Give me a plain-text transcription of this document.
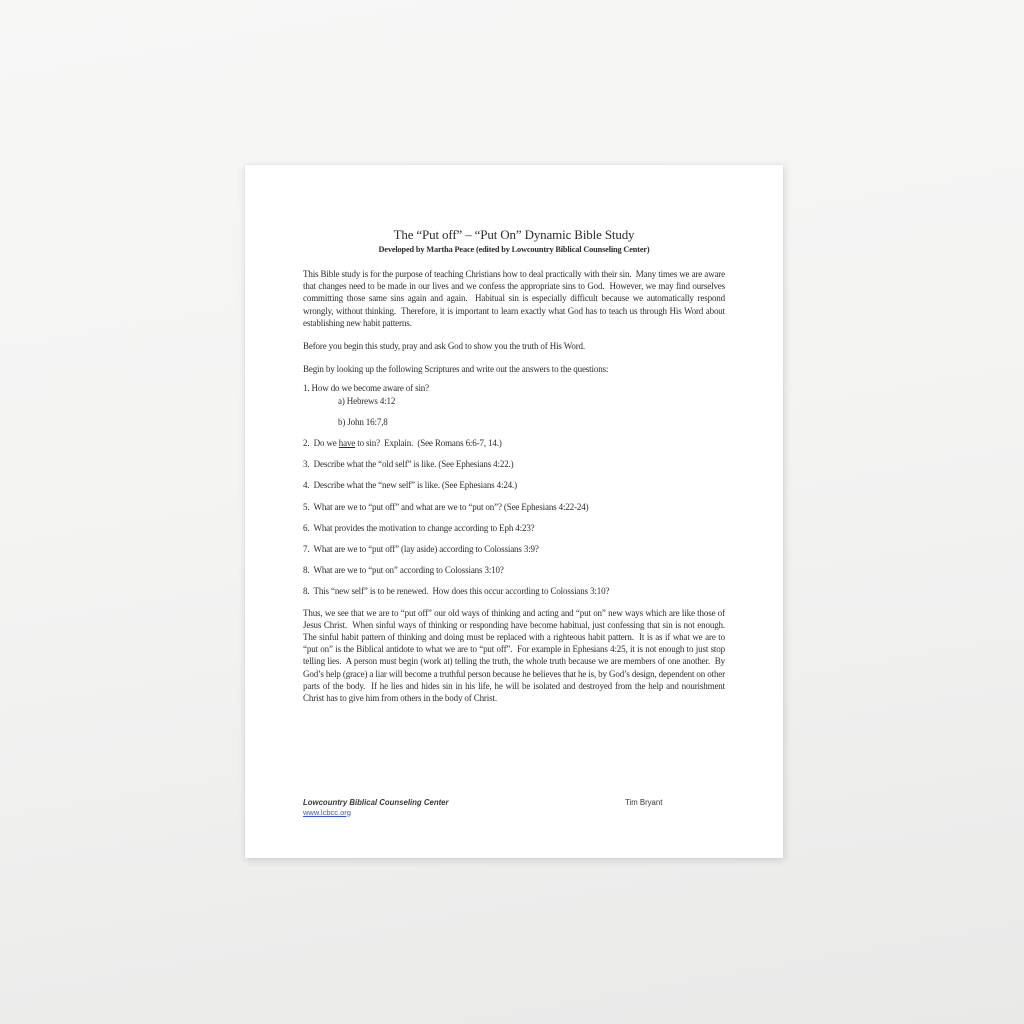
The “Put off” – “Put On” Dynamic Bible Study

Developed by Martha Peace (edited by Lowcountry Biblical Counseling Center)

This Bible study is for the purpose of teaching Christians how to deal practically with their sin.  Many times we are aware that changes need to be made in our lives and we confess the appropriate sins to God.  However, we may find ourselves committing those same sins again and again.  Habitual sin is especially difficult because we automatically respond wrongly, without thinking.  Therefore, it is important to learn exactly what God has to teach us through His Word about establishing new habit patterns.

Before you begin this study, pray and ask God to show you the truth of His Word.

Begin by looking up the following Scriptures and write out the answers to the questions:

1. How do we become aware of sin?

a) Hebrews 4:12

b) John 16:7,8

2.  Do we have to sin?  Explain.  (See Romans 6:6-7, 14.)

3.  Describe what the “old self” is like. (See Ephesians 4:22.)

4.  Describe what the “new self” is like. (See Ephesians 4:24.)

5.  What are we to “put off” and what are we to “put on”? (See Ephesians 4:22-24)

6.  What provides the motivation to change according to Eph 4:23?

7.  What are we to “put off” (lay aside) according to Colossians 3:9?

8.  What are we to “put on” according to Colossians 3:10?

8.  This “new self” is to be renewed.  How does this occur according to Colossians 3:10?

Thus, we see that we are to “put off” our old ways of thinking and acting and “put on” new ways which are like those of Jesus Christ.  When sinful ways of thinking or responding have become habitual, just confessing that sin is not enough.  The sinful habit pattern of thinking and doing must be replaced with a righteous habit pattern.  It is as if what we are to “put on” is the Biblical antidote to what we are to “put off”.  For example in Ephesians 4:25, it is not enough to just stop telling lies.  A person must begin (work at) telling the truth, the whole truth because we are members of one another.  By God’s help (grace) a liar will become a truthful person because he believes that he is, by God’s design, dependent on other parts of the body.  If he lies and hides sin in his life, he will be isolated and destroyed from the help and nourishment Christ has to give him from others in the body of Christ.

Lowcountry Biblical Counseling Center
www.lcbcc.org
Tim Bryant
